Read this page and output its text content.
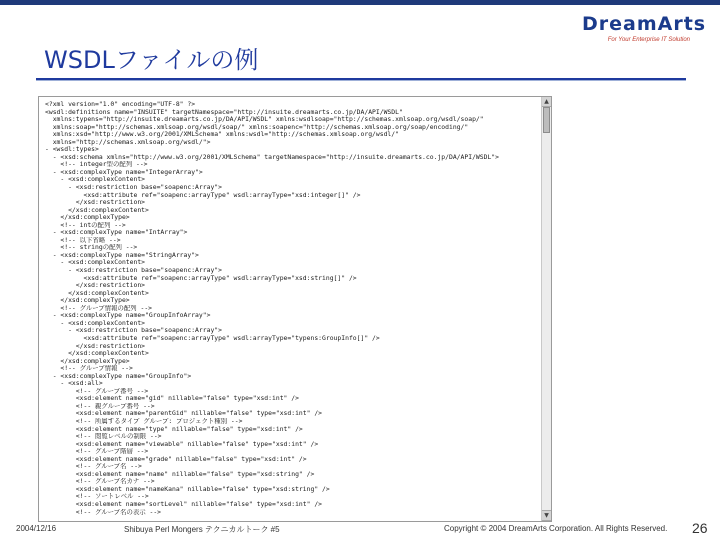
DreamArts
For Your Enterprise IT Solution
WSDLファイルの例
<?xml version="1.0" encoding="UTF-8" ?>
<wsdl:definitions name="INSUITE" targetNamespace="http://insuite.dreamarts.co.jp/DA/API/WSDL"
xmlns:typens="http://insuite.dreamarts.co.jp/DA/API/WSDL" xmlns:wsdlsoap="http://schemas.xmlsoap.org/wsdl/soap/"
xmlns:soap="http://schemas.xmlsoap.org/wsdl/soap/" xmlns:soapenc="http://schemas.xmlsoap.org/soap/encoding/"
xmlns:xsd="http://www.w3.org/2001/XMLSchema" xmlns:wsdl="http://schemas.xmlsoap.org/wsdl/"
xmlns="http://schemas.xmlsoap.org/wsdl/">
- <wsdl:types>
- <xsd:schema xmlns="http://www.w3.org/2001/XMLSchema" targetNamespace="http://insuite.dreamarts.co.jp/DA/API/WSDL">
<!-- integer型の配列 -->
- <xsd:complexType name="IntegerArray">
- <xsd:complexContent>
- <xsd:restriction base="soapenc:Array">
<xsd:attribute ref="soapenc:arrayType" wsdl:arrayType="xsd:integer[]" />
</xsd:restriction>
</xsd:complexContent>
</xsd:complexType>
<!-- intの配列 -->
- <xsd:complexType name="IntArray">
<!-- 以下省略 -->
<!-- stringの配列 -->
- <xsd:complexType name="StringArray">
- <xsd:complexContent>
- <xsd:restriction base="soapenc:Array">
<xsd:attribute ref="soapenc:arrayType" wsdl:arrayType="xsd:string[]" />
</xsd:restriction>
</xsd:complexContent>
</xsd:complexType>
<!-- グループ情報の配列 -->
- <xsd:complexType name="GroupInfoArray">
- <xsd:complexContent>
- <xsd:restriction base="soapenc:Array">
<xsd:attribute ref="soapenc:arrayType" wsdl:arrayType="typens:GroupInfo[]" />
</xsd:restriction>
</xsd:complexContent>
</xsd:complexType>
<!-- グループ情報 -->
- <xsd:complexType name="GroupInfo">
- <xsd:all>
<!-- グループ番号 -->
<xsd:element name="gid" nillable="false" type="xsd:int" />
<!-- 親グループ番号 -->
<xsd:element name="parentGid" nillable="false" type="xsd:int" />
<!-- 所属するタイプ グループ: プロジェクト種別 -->
<xsd:element name="type" nillable="false" type="xsd:int" />
<!-- 閲覧レベルの制限 -->
<xsd:element name="viewable" nillable="false" type="xsd:int" />
<!-- グループ階層 -->
<xsd:element name="grade" nillable="false" type="xsd:int" />
<!-- グループ名 -->
<xsd:element name="name" nillable="false" type="xsd:string" />
<!-- グループ名カナ -->
<xsd:element name="nameKana" nillable="false" type="xsd:string" />
<!-- ソートレベル -->
<xsd:element name="sortLevel" nillable="false" type="xsd:int" />
<!-- グループ名の表示 -->
▲
▼
2004/12/16	Shibuya Perl Mongers テクニカルトーク #5	Copyright © 2004 DreamArts Corporation. All Rights Reserved. 26
